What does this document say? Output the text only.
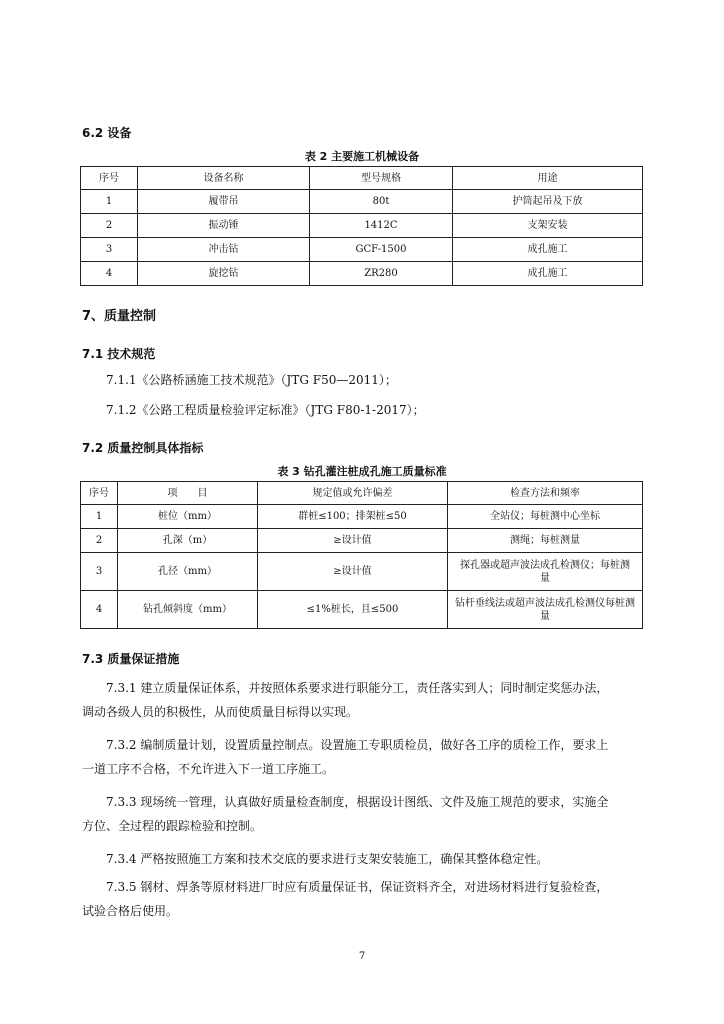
6.2 设备
表 2 主要施工机械设备
序号	设备名称	型号规格	用途
1	履带吊	80t	护筒起吊及下放
2	振动锤	1412C	支架安装
3	冲击钻	GCF-1500	成孔施工
4	旋挖钻	ZR280	成孔施工
7、质量控制
7.1 技术规范
7.1.1《公路桥涵施工技术规范》（JTG F50—2011）；
7.1.2《公路工程质量检验评定标准》（JTG F80-1-2017）；
7.2 质量控制具体指标
表 3 钻孔灌注桩成孔施工质量标准
序号	项　　目	规定值或允许偏差	检查方法和频率
1	桩位（mm）	群桩≤100；排架桩≤50	全站仪；每桩测中心坐标
2	孔深（m）	≥设计值	测绳；每桩测量
3	孔径（mm）	≥设计值	探孔器或超声波法成孔检测仪；每桩测量
4	钻孔倾斜度（mm）	≤1%桩长，且≤500	钻杆垂线法或超声波法成孔检测仪每桩测量
7.3 质量保证措施
7.3.1 建立质量保证体系，并按照体系要求进行职能分工，责任落实到人；同时制定奖惩办法，
调动各级人员的积极性，从而使质量目标得以实现。
7.3.2 编制质量计划，设置质量控制点。设置施工专职质检员，做好各工序的质检工作，要求上
一道工序不合格，不允许进入下一道工序施工。
7.3.3 现场统一管理，认真做好质量检查制度，根据设计图纸、文件及施工规范的要求，实施全
方位、全过程的跟踪检验和控制。
7.3.4 严格按照施工方案和技术交底的要求进行支架安装施工，确保其整体稳定性。
7.3.5 钢材、焊条等原材料进厂时应有质量保证书，保证资料齐全，对进场材料进行复验检查，
试验合格后使用。
7
